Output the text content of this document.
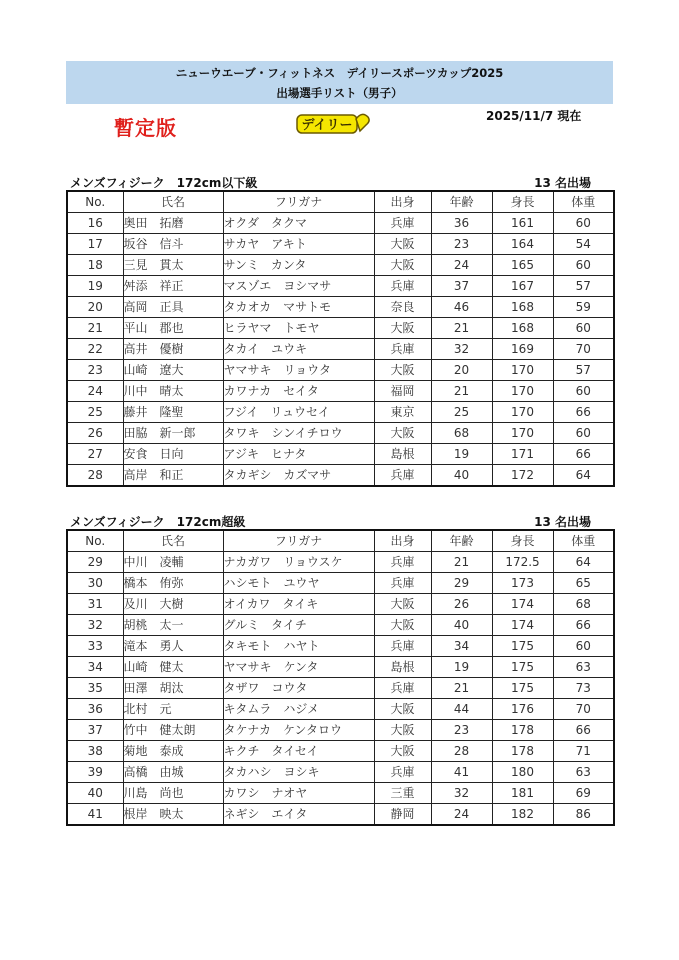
ニューウエーブ・フィットネス　デイリースポーツカップ2025
出場選手リスト（男子）
暫定版	デイリー
2025/11/7 現在
メンズフィジーク　172cm以下級	13 名出場
No.	氏名	フリガナ	出身	年齢	身長	体重
16	奥田　拓磨	オクダ　タクマ	兵庫	36	161	60
17	坂谷　信斗	サカヤ　アキト	大阪	23	164	54
18	三見　貫太	サンミ　カンタ	大阪	24	165	60
19	舛添　祥正	マスゾエ　ヨシマサ	兵庫	37	167	57
20	高岡　正具	タカオカ　マサトモ	奈良	46	168	59
21	平山　郡也	ヒラヤマ　トモヤ	大阪	21	168	60
22	高井　優樹	タカイ　ユウキ	兵庫	32	169	70
23	山崎　遼大	ヤマサキ　リョウタ	大阪	20	170	57
24	川中　晴太	カワナカ　セイタ	福岡	21	170	60
25	藤井　隆聖	フジイ　リュウセイ	東京	25	170	66
26	田脇　新一郎	タワキ　シンイチロウ	大阪	68	170	60
27	安食　日向	アジキ　ヒナタ	島根	19	171	66
28	高岸　和正	タカギシ　カズマサ	兵庫	40	172	64
メンズフィジーク　172cm超級	13 名出場
No.	氏名	フリガナ	出身	年齢	身長	体重
29	中川　凌輔	ナカガワ　リョウスケ	兵庫	21	172.5	64
30	橋本　侑弥	ハシモト　ユウヤ	兵庫	29	173	65
31	及川　大樹	オイカワ　タイキ	大阪	26	174	68
32	胡桃　太一	グルミ　タイチ	大阪	40	174	66
33	滝本　勇人	タキモト　ハヤト	兵庫	34	175	60
34	山崎　健太	ヤマサキ　ケンタ	島根	19	175	63
35	田澤　胡汰	タザワ　コウタ	兵庫	21	175	73
36	北村　元	キタムラ　ハジメ	大阪	44	176	70
37	竹中　健太朗	タケナカ　ケンタロウ	大阪	23	178	66
38	菊地　泰成	キクチ　タイセイ	大阪	28	178	71
39	高橋　由城	タカハシ　ヨシキ	兵庫	41	180	63
40	川島　尚也	カワシ　ナオヤ	三重	32	181	69
41	根岸　映太	ネギシ　エイタ	静岡	24	182	86
